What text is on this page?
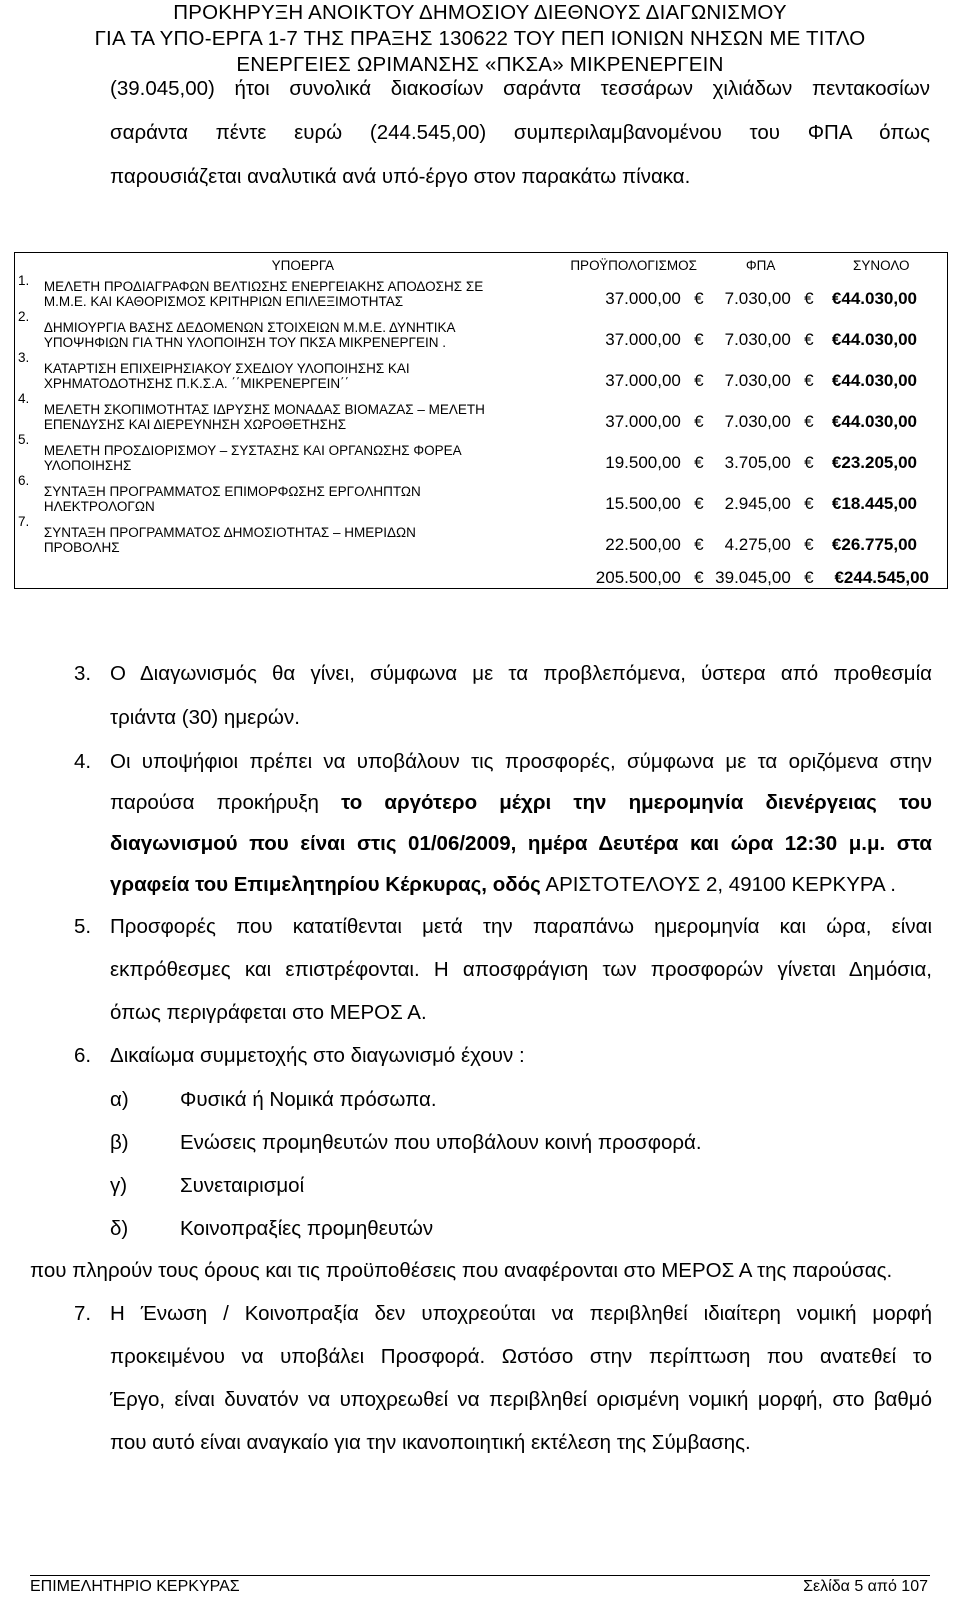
ΠΡΟΚΗΡΥΞΗ ΑΝΟΙΚΤΟΥ ΔΗΜΟΣΙΟΥ ΔΙΕΘΝΟΥΣ ΔΙΑΓΩΝΙΣΜΟΥ
ΓΙΑ ΤΑ ΥΠΟ-ΕΡΓΑ 1-7 ΤΗΣ ΠΡΑΞΗΣ 130622 ΤΟΥ ΠΕΠ ΙΟΝΙΩΝ ΝΗΣΩΝ ΜΕ ΤΙΤΛΟ
ΕΝΕΡΓΕΙΕΣ ΩΡΙΜΑΝΣΗΣ «ΠΚΣΑ» ΜΙΚΡΕΝΕΡΓΕΙΝ
(39.045,00) ήτοι συνολικά διακοσίων σαράντα τεσσάρων χιλιάδων πεντακοσίων
σαράντα πέντε ευρώ (244.545,00) συμπεριλαμβανομένου του ΦΠΑ όπως
παρουσιάζεται αναλυτικά ανά υπό-έργο στον παρακάτω πίνακα.
	ΥΠΟΕΡΓΑ	ΠΡΟΫΠΟΛΟΓΙΣΜΟΣ	ΦΠΑ	ΣΥΝΟΛΟ
1.	ΜΕΛΕΤΗ ΠΡΟΔΙΑΓΡΑΦΩΝ ΒΕΛΤΙΩΣΗΣ ΕΝΕΡΓΕΙΑΚΗΣ ΑΠΟΔΟΣΗΣ ΣΕ
Μ.Μ.Ε. ΚΑΙ ΚΑΘΟΡΙΣΜΟΣ ΚΡΙΤΗΡΙΩΝ ΕΠΙΛΕΞΙΜΟΤΗΤΑΣ	37.000,00 €	7.030,00 €	€44.030,00
2.	ΔΗΜΙΟΥΡΓΙΑ ΒΑΣΗΣ ΔΕΔΟΜΕΝΩΝ ΣΤΟΙΧΕΙΩΝ Μ.Μ.Ε. ΔΥΝΗΤΙΚΑ
ΥΠΟΨΗΦΙΩΝ ΓΙΑ ΤΗΝ ΥΛΟΠΟΙΗΣΗ ΤΟΥ ΠΚΣΑ ΜΙΚΡΕΝΕΡΓΕΙΝ .	37.000,00 €	7.030,00 €	€44.030,00
3.	ΚΑΤΑΡΤΙΣΗ ΕΠΙΧΕΙΡΗΣΙΑΚΟΥ ΣΧΕΔΙΟΥ ΥΛΟΠΟΙΗΣΗΣ ΚΑΙ
ΧΡΗΜΑΤΟΔΟΤΗΣΗΣ Π.Κ.Σ.Α. ΄΄ΜΙΚΡΕΝΕΡΓΕΙΝ΄΄	37.000,00 €	7.030,00 €	€44.030,00
4.	ΜΕΛΕΤΗ ΣΚΟΠΙΜΟΤΗΤΑΣ ΙΔΡΥΣΗΣ ΜΟΝΑΔΑΣ ΒΙΟΜΑΖΑΣ – ΜΕΛΕΤΗ
ΕΠΕΝΔΥΣΗΣ ΚΑΙ ΔΙΕΡΕΥΝΗΣΗ ΧΩΡΟΘΕΤΗΣΗΣ	37.000,00 €	7.030,00 €	€44.030,00
5.	ΜΕΛΕΤΗ ΠΡΟΣΔΙΟΡΙΣΜΟΥ – ΣΥΣΤΑΣΗΣ ΚΑΙ ΟΡΓΑΝΩΣΗΣ ΦΟΡΕΑ
ΥΛΟΠΟΙΗΣΗΣ	19.500,00 €	3.705,00 €	€23.205,00
6.	ΣΥΝΤΑΞΗ ΠΡΟΓΡΑΜΜΑΤΟΣ ΕΠΙΜΟΡΦΩΣΗΣ ΕΡΓΟΛΗΠΤΩΝ
ΗΛΕΚΤΡΟΛΟΓΩΝ	15.500,00 €	2.945,00 €	€18.445,00
7.	ΣΥΝΤΑΞΗ ΠΡΟΓΡΑΜΜΑΤΟΣ ΔΗΜΟΣΙΟΤΗΤΑΣ – ΗΜΕΡΙΔΩΝ
ΠΡΟΒΟΛΗΣ	22.500,00 €	4.275,00 €	€26.775,00
		205.500,00 €	39.045,00 €	€244.545,00
3. Ο Διαγωνισμός θα γίνει, σύμφωνα με τα προβλεπόμενα, ύστερα από προθεσμία
τριάντα (30) ημερών.
4. Οι υποψήφιοι πρέπει να υποβάλουν τις προσφορές, σύμφωνα με τα οριζόμενα στην
παρούσα προκήρυξη το αργότερο μέχρι την ημερομηνία διενέργειας του
διαγωνισμού που είναι στις 01/06/2009, ημέρα Δευτέρα και ώρα 12:30 μ.μ. στα
γραφεία του Επιμελητηρίου Κέρκυρας, οδός ΑΡΙΣΤΟΤΕΛΟΥΣ 2, 49100 ΚΕΡΚΥΡΑ .
5. Προσφορές που κατατίθενται μετά την παραπάνω ημερομηνία και ώρα, είναι
εκπρόθεσμες και επιστρέφονται. Η αποσφράγιση των προσφορών γίνεται Δημόσια,
όπως περιγράφεται στο ΜΕΡΟΣ Α.
6. Δικαίωμα συμμετοχής στο διαγωνισμό έχουν :
α)	Φυσικά ή Νομικά πρόσωπα.
β)	Ενώσεις προμηθευτών που υποβάλουν κοινή προσφορά.
γ)	Συνεταιρισμοί
δ)	Κοινοπραξίες προμηθευτών
που πληρούν τους όρους και τις προϋποθέσεις που αναφέρονται στο ΜΕΡΟΣ Α της παρούσας.
7. Η Ένωση / Κοινοπραξία δεν υποχρεούται να περιβληθεί ιδιαίτερη νομική μορφή
προκειμένου να υποβάλει Προσφορά. Ωστόσο στην περίπτωση που ανατεθεί το
Έργο, είναι δυνατόν να υποχρεωθεί να περιβληθεί ορισμένη νομική μορφή, στο βαθμό
που αυτό είναι αναγκαίο για την ικανοποιητική εκτέλεση της Σύμβασης.
ΕΠΙΜΕΛΗΤΗΡΙΟ ΚΕΡΚΥΡΑΣ	Σελίδα 5 από 107
